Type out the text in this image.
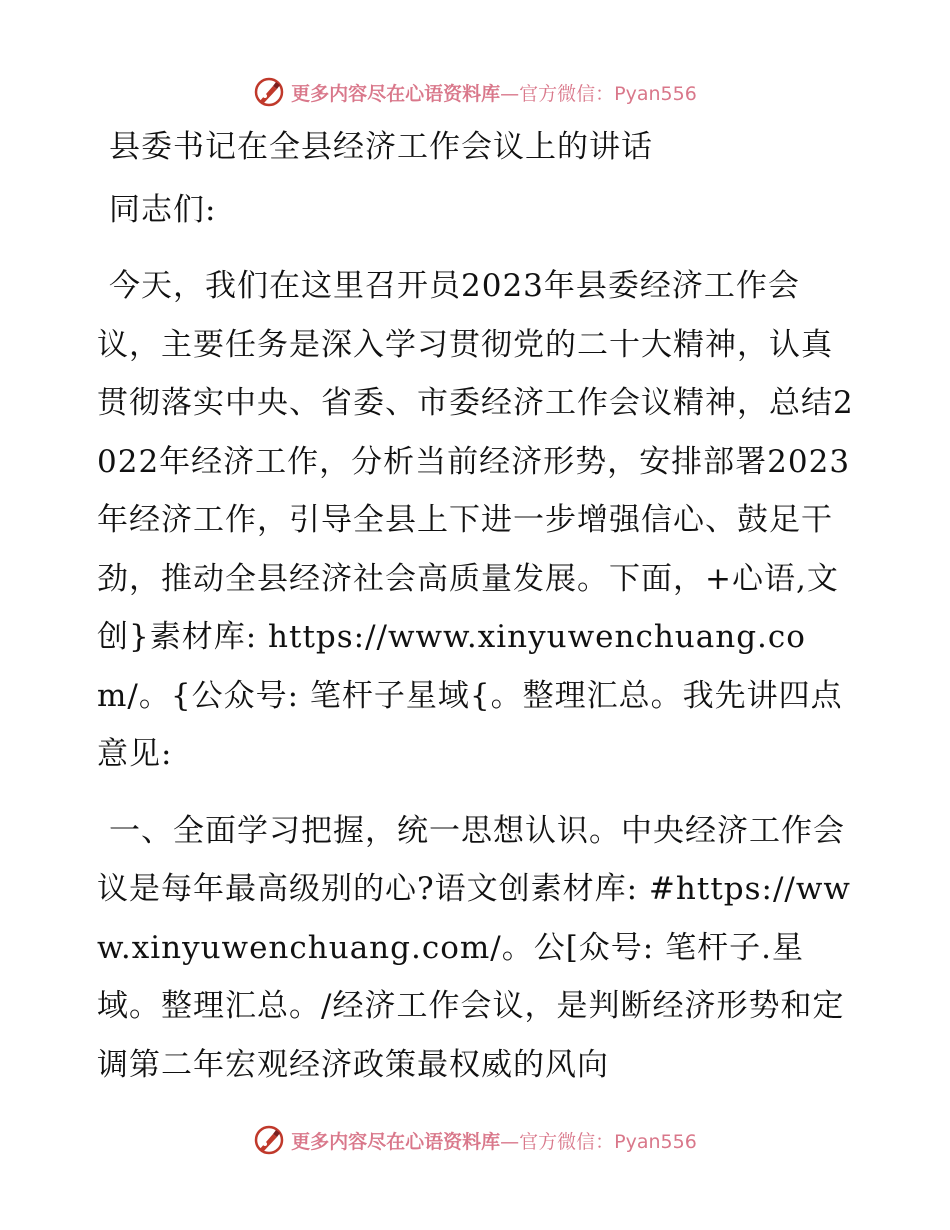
更多内容尽在心语资料库—官方微信：Pyan556

县委书记在全县经济工作会议上的讲话

同志们:

今天，我们在这里召开员2023年县委经济工作会议，主要任务是深入学习贯彻党的二十大精神，认真贯彻落实中央、省委、市委经济工作会议精神，总结2022年经济工作，分析当前经济形势，安排部署2023年经济工作，引导全县上下进一步增强信心、鼓足干劲，推动全县经济社会高质量发展。下面，+心语,文创}素材库: https://www.xinyuwenchuang.com/。{公众号: 笔杆子星域{。整理汇总。我先讲四点意见:

一、全面学习把握，统一思想认识。中央经济工作会议是每年最高级别的心?语文创素材库: #https://www.xinyuwenchuang.com/。公[众号: 笔杆子.星域。整理汇总。/经济工作会议，是判断经济形势和定调第二年宏观经济政策最权威的风向

更多内容尽在心语资料库—官方微信：Pyan556
